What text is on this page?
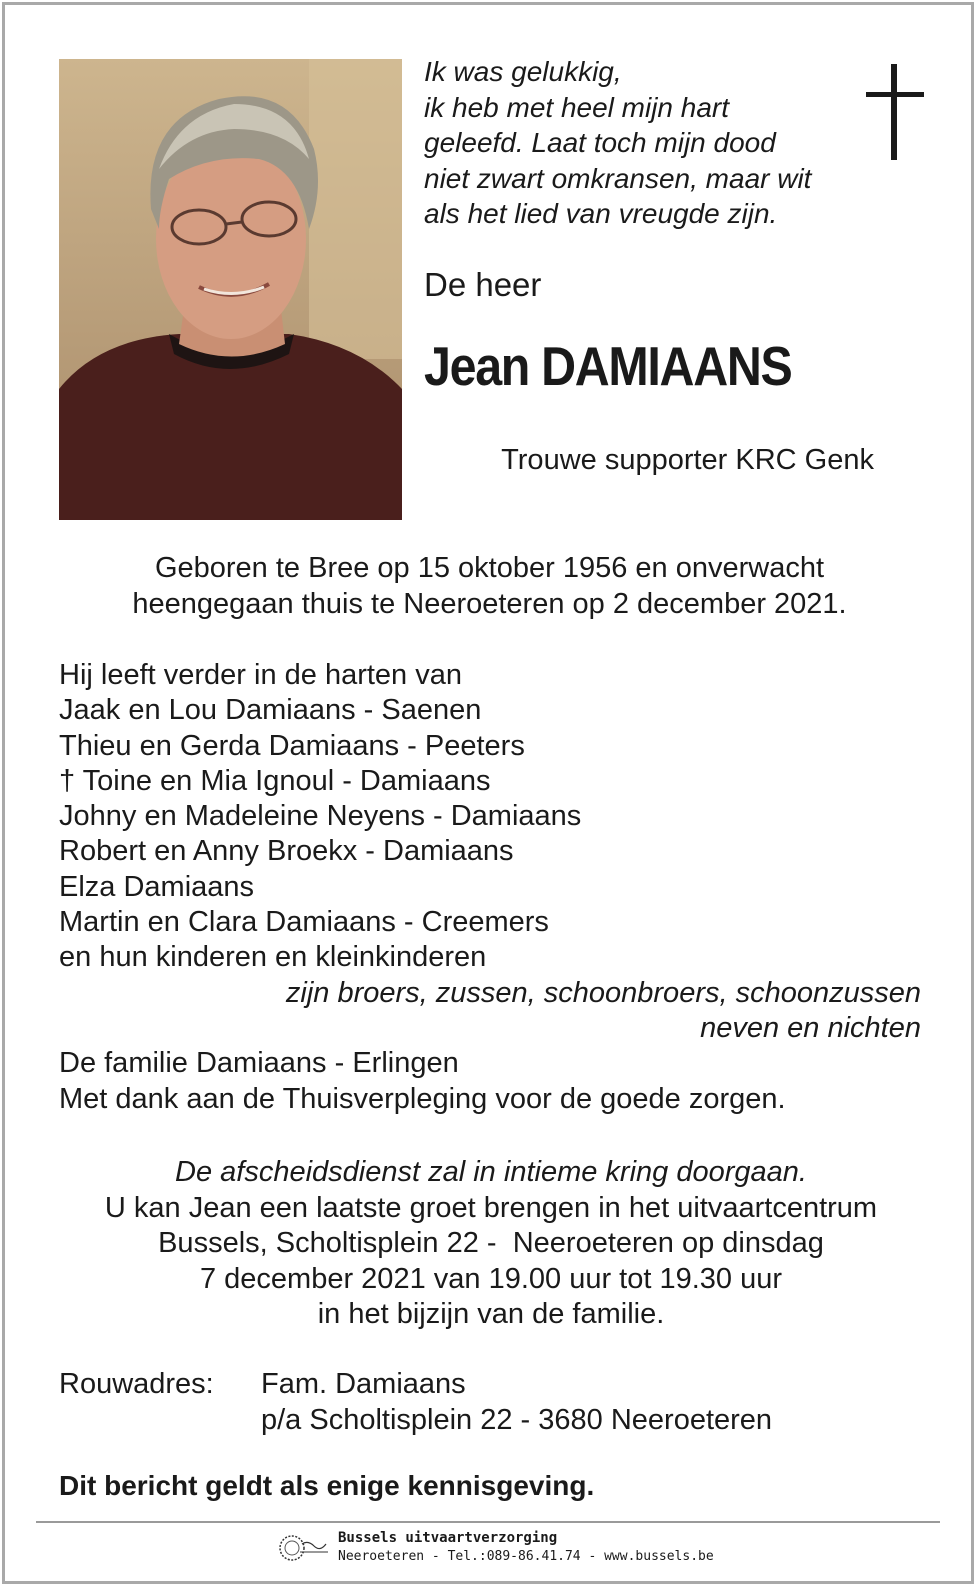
Ik was gelukkig,
ik heb met heel mijn hart
geleefd. Laat toch mijn dood
niet zwart omkransen, maar wit
als het lied van vreugde zijn.
De heer
Jean DAMIAANS
Trouwe supporter KRC Genk
Geboren te Bree op 15 oktober 1956 en onverwacht
heengegaan thuis te Neeroeteren op 2 december 2021.
Hij leeft verder in de harten van
Jaak en Lou Damiaans - Saenen
Thieu en Gerda Damiaans - Peeters
† Toine en Mia Ignoul - Damiaans
Johny en Madeleine Neyens - Damiaans
Robert en Anny Broekx - Damiaans
Elza Damiaans
Martin en Clara Damiaans - Creemers
en hun kinderen en kleinkinderen
zijn broers, zussen, schoonbroers, schoonzussen
neven en nichten
De familie Damiaans - Erlingen
Met dank aan de Thuisverpleging voor de goede zorgen.
De afscheidsdienst zal in intieme kring doorgaan.
U kan Jean een laatste groet brengen in het uitvaartcentrum
Bussels, Scholtisplein 22 -  Neeroeteren op dinsdag
7 december 2021 van 19.00 uur tot 19.30 uur
in het bijzijn van de familie.
Rouwadres: Fam. Damiaans
p/a Scholtisplein 22 - 3680 Neeroeteren
Dit bericht geldt als enige kennisgeving.
Bussels uitvaartverzorging
Neeroeteren - Tel.:089-86.41.74 - www.bussels.be
